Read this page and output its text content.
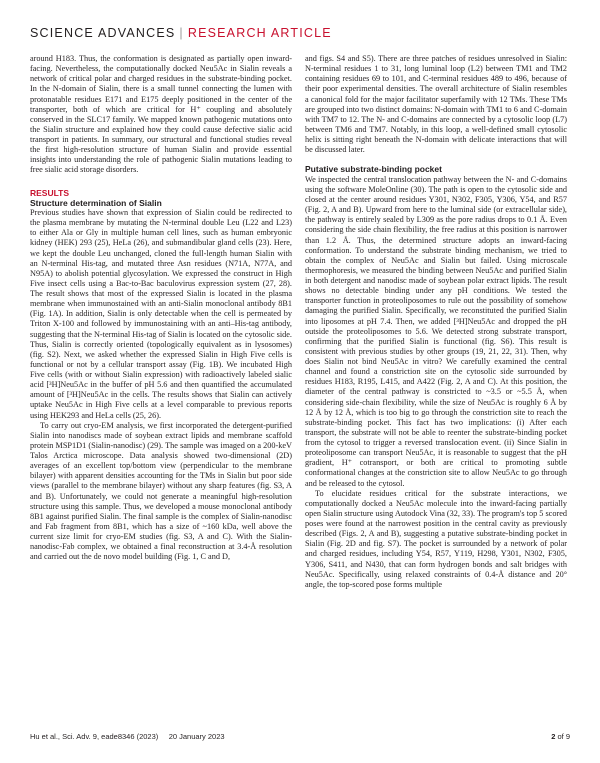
SCIENCE ADVANCES | RESEARCH ARTICLE

around H183. Thus, the conformation is designated as partially open inward-facing. Nevertheless, the computationally docked Neu5Ac in Sialin reveals a network of critical polar and charged residues in the substrate-binding pocket. In the N-domain of Sialin, there is a small tunnel connecting the lumen with protonatable residues E171 and E175 deeply positioned in the center of the transporter, both of which are critical for H⁺ coupling and absolutely conserved in the SLC17 family. We mapped known pathogenic mutations onto the Sialin structure and explained how they could cause defective sialic acid transport in patients. In summary, our structural and functional studies reveal the first high-resolution structure of human Sialin and provide essential insights into understanding the role of pathogenic Sialin mutations leading to free sialic acid storage disorders.

RESULTS
Structure determination of Sialin

Previous studies have shown that expression of Sialin could be redirected to the plasma membrane by mutating the N-terminal double Leu (L22 and L23) to either Ala or Gly in multiple human cell lines, such as human embryonic kidney (HEK) 293 (25), HeLa (26), and submandibular gland cells (23). Here, we kept the double Leu unchanged, cloned the full-length human Sialin with an N-terminal His-tag, and mutated three Asn residues (N71A, N77A, and N95A) to abolish potential glycosylation. We expressed the construct in High Five insect cells using a Bac-to-Bac baculovirus expression system (27, 28). The result shows that most of the expressed Sialin is located in the plasma membrane when immunostained with an anti-Sialin monoclonal antibody 8B1 (Fig. 1A). In addition, Sialin is only detectable when the cell is permeated by Triton X-100 and followed by immunostaining with an anti–His-tag antibody, suggesting that the N-terminal His-tag of Sialin is located on the cytosolic side. Thus, Sialin is correctly oriented (topologically equivalent as in lysosomes) (fig. S2). Next, we asked whether the expressed Sialin in High Five cells is functional or not by a cellular transport assay (Fig. 1B). We incubated High Five cells (with or without Sialin expression) with radioactively labeled sialic acid [³H]Neu5Ac in the buffer of pH 5.6 and then quantified the accumulated amount of [³H]Neu5Ac in the cells. The results shows that Sialin can actively uptake Neu5Ac in High Five cells at a level comparable to previous reports using HEK293 and HeLa cells (25, 26).

To carry out cryo-EM analysis, we first incorporated the detergent-purified Sialin into nanodiscs made of soybean extract lipids and membrane scaffold protein MSP1D1 (Sialin-nanodisc) (29). The sample was imaged on a 200-keV Talos Arctica microscope. Data analysis showed two-dimensional (2D) averages of an excellent top/bottom view (perpendicular to the membrane bilayer) with apparent densities accounting for the TMs in Sialin but poor side views (parallel to the membrane bilayer) without any sharp features (fig. S3, A and B). Unfortunately, we could not generate a meaningful high-resolution structure using this sample. Thus, we developed a mouse monoclonal antibody 8B1 against purified Sialin. The final sample is the complex of Sialin-nanodisc and Fab fragment from 8B1, which has a size of ~160 kDa, well above the current size limit for cryo-EM studies (fig. S3, A and C). With the Sialin-nanodisc-Fab complex, we obtained a final reconstruction at 3.4-Å resolution and carried out the de novo model building (Fig. 1, C and D,

and figs. S4 and S5). There are three patches of residues unresolved in Sialin: N-terminal residues 1 to 31, long luminal loop (L2) between TM1 and TM2 containing residues 69 to 101, and C-terminal residues 489 to 496, because of their poor experimental densities. The overall architecture of Sialin resembles a canonical fold for the major facilitator superfamily with 12 TMs. These TMs are grouped into two distinct domains: N-domain with TM1 to 6 and C-domain with TM7 to 12. The N- and C-domains are connected by a cytosolic loop (L7) between TM6 and TM7. Notably, in this loop, a well-defined small cytosolic helix is sitting right beneath the N-domain with delicate interactions that will be discussed later.

Putative substrate-binding pocket

We inspected the central translocation pathway between the N- and C-domains using the software MoleOnline (30). The path is open to the cytosolic side and closed at the center around residues Y301, N302, F305, Y306, Y54, and R57 (Fig. 2, A and B). Upward from here to the luminal side (or extracellular side), the pathway is entirely sealed by L309 as the pore radius drops to 0.1 Å. Even considering the side chain flexibility, the free radius at this position is narrower than 1.2 Å. Thus, the determined structure adopts an inward-facing conformation. To understand the substrate binding mechanism, we tried to obtain the complex of Neu5Ac and Sialin but failed. Using microscale thermophoresis, we measured the binding between Neu5Ac and purified Sialin in both detergent and nanodisc made of soybean polar extract lipids. The result shows no detectable binding under any pH conditions. We tested the transporter function in proteoliposomes to rule out the possibility of somehow damaging the purified Sialin. Specifically, we reconstituted the purified Sialin into liposomes at pH 7.4. Then, we added [³H]Neu5Ac and dropped the pH outside the proteoliposomes to 5.6. We detected strong substrate transport, confirming that the purified Sialin is functional (fig. S6). This result is consistent with previous studies by other groups (19, 21, 22, 31). Then, why does Sialin not bind Neu5Ac in vitro? We carefully examined the central channel and found a constriction site on the cytosolic side surrounded by residues H183, R195, L415, and A422 (Fig. 2, A and C). At this position, the diameter of the central pathway is constricted to ~3.5 or ~5.5 Å, when considering side-chain flexibility, while the size of Neu5Ac is roughly 6 Å by 12 Å by 12 Å, which is too big to go through the constriction site to reach the substrate-binding pocket. This fact has two implications: (i) After each transport, the substrate will not be able to reenter the substrate-binding pocket from the cytosol to trigger a reversed translocation event. (ii) Since Sialin in proteoliposome can transport Neu5Ac, it is reasonable to suggest that the pH gradient, H⁺ cotransport, or both are critical to promoting subtle conformational changes at the constriction site to allow Neu5Ac to go through and be released to the cytosol.

To elucidate residues critical for the substrate interactions, we computationally docked a Neu5Ac molecule into the inward-facing partially open Sialin structure using Autodock Vina (32, 33). The program's top 5 scored poses were found at the narrowest position in the central cavity as previously described (Figs. 2, A and B), suggesting a putative substrate-binding pocket in Sialin (Fig. 2D and fig. S7). The pocket is surrounded by a network of polar and charged residues, including Y54, R57, Y119, H298, Y301, N302, F305, Y306, S411, and N430, that can form hydrogen bonds and salt bridges with Neu5Ac. Specifically, using relaxed constraints of 0.4-Å distance and 20° angle, the top-scored pose forms multiple

Hu et al., Sci. Adv. 9, eade8346 (2023)     20 January 2023	2 of 9
